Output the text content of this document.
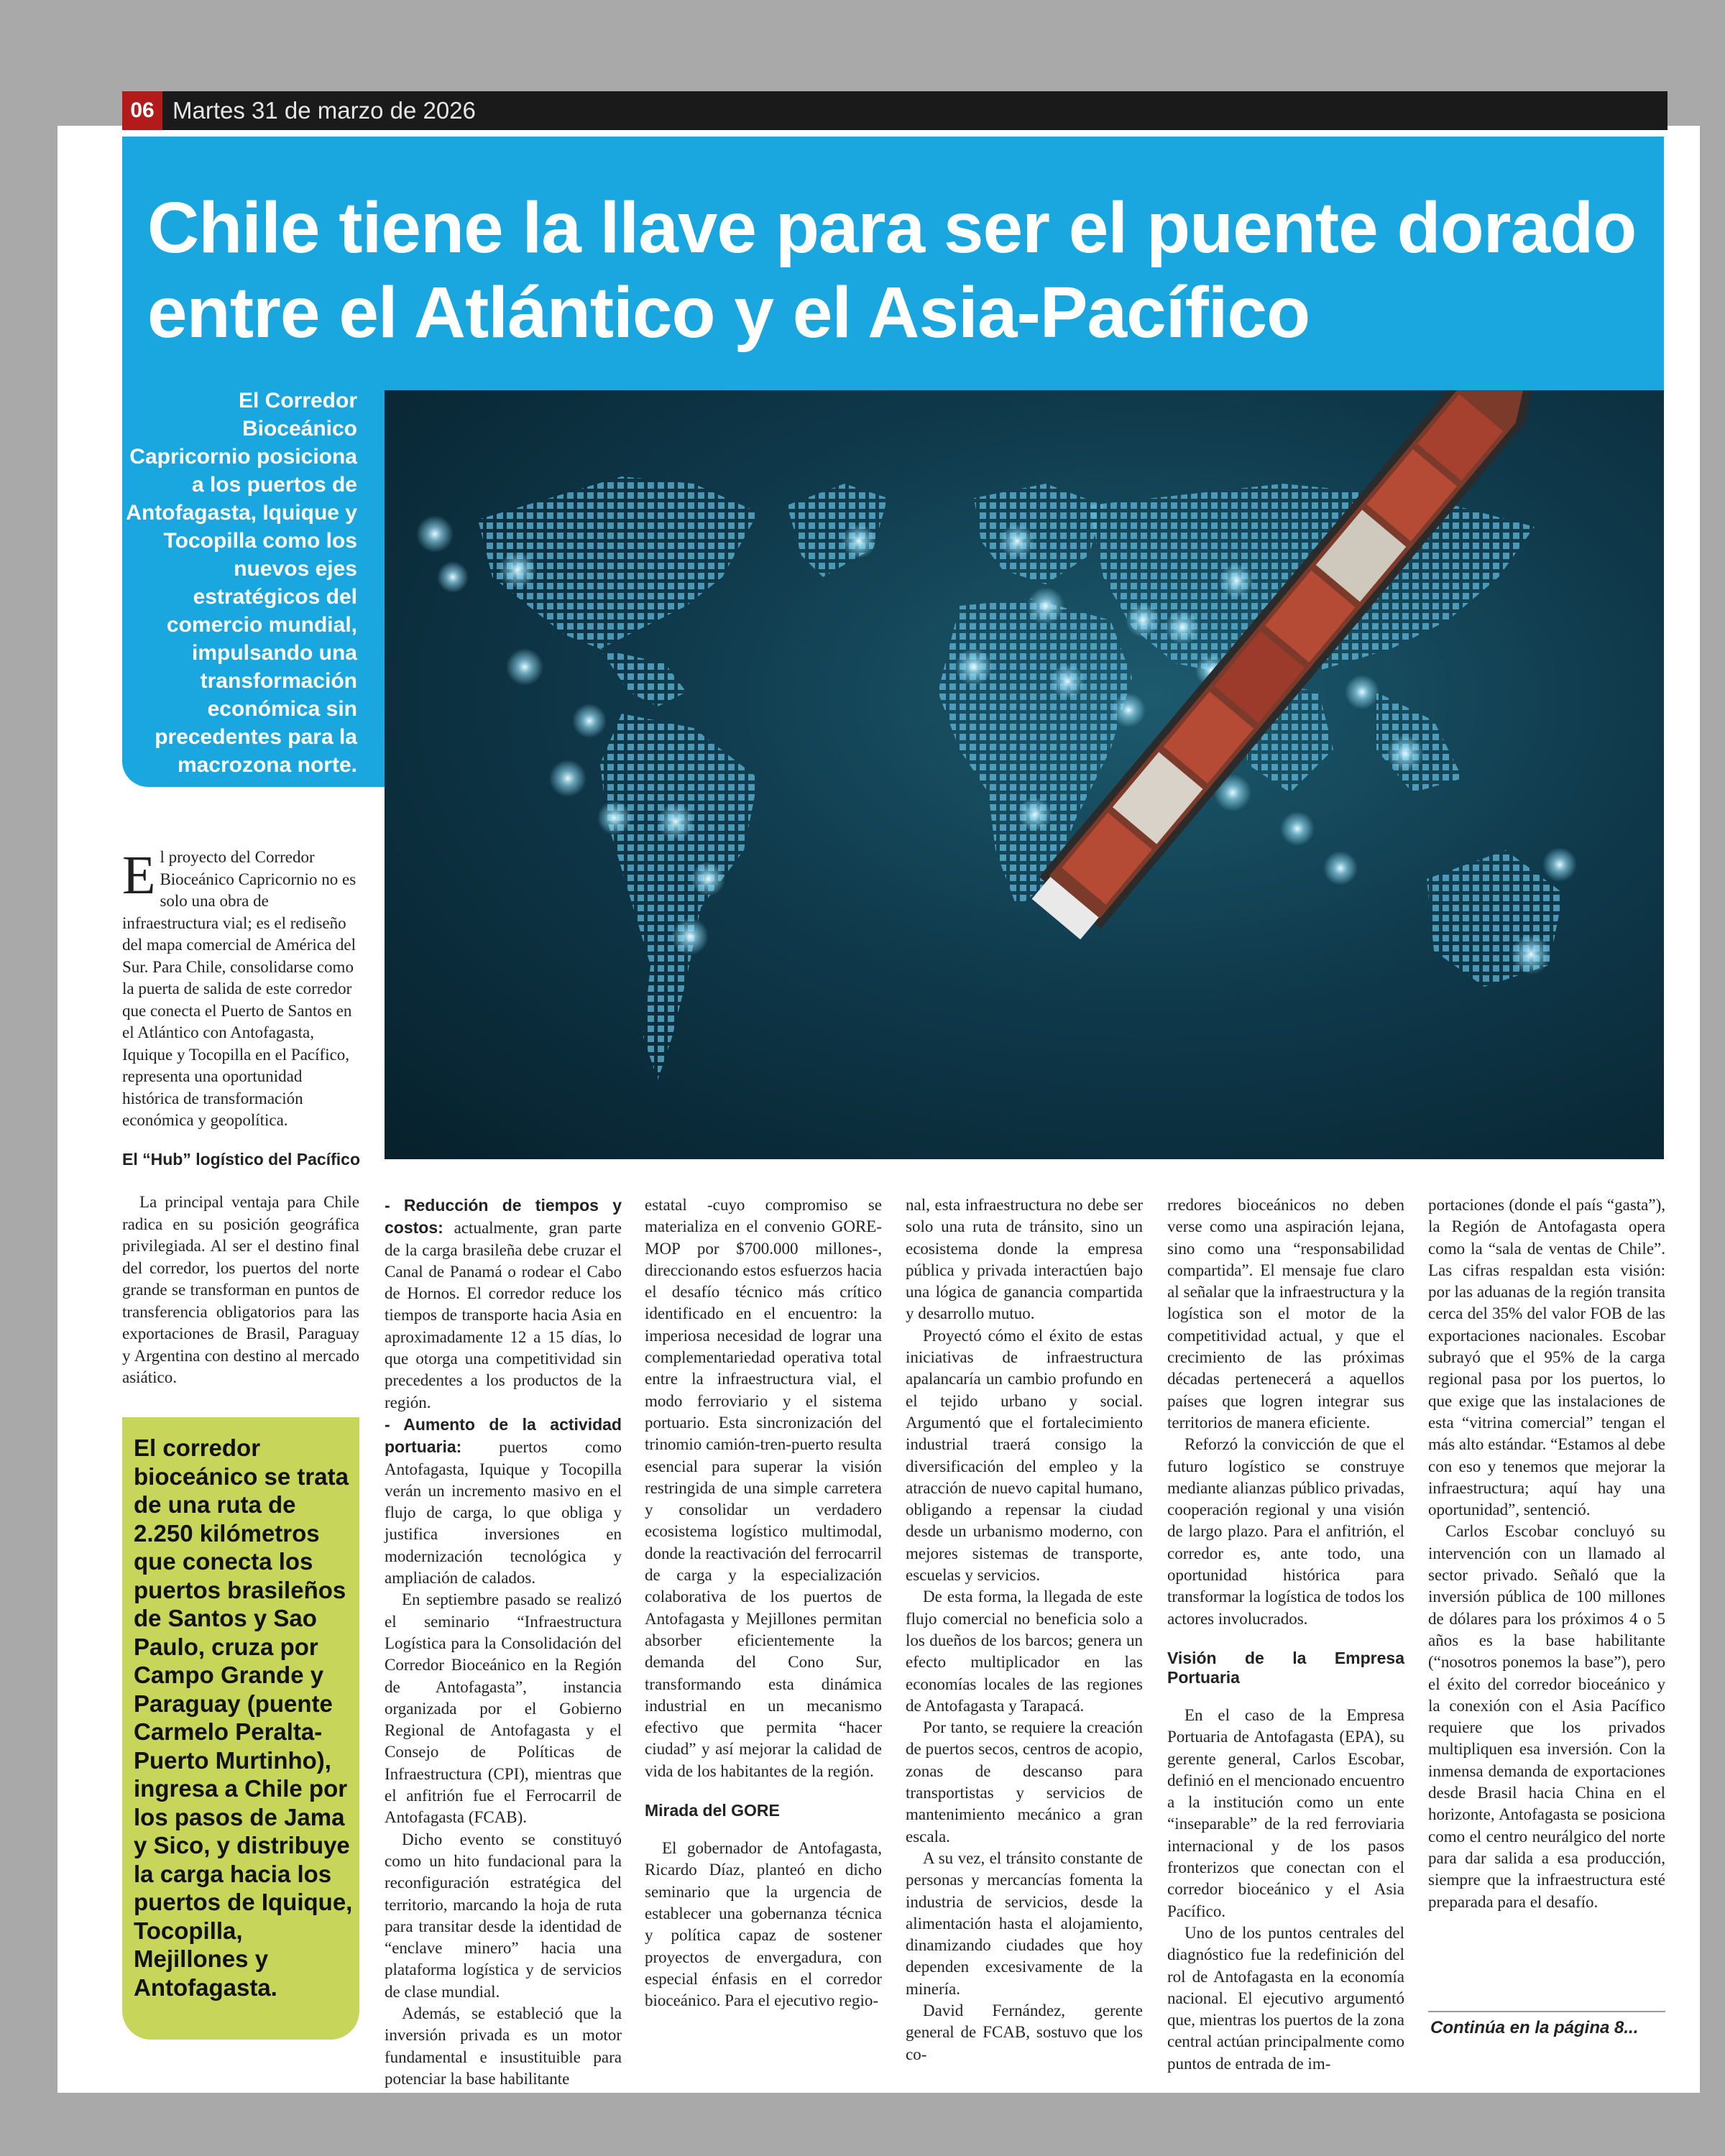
06 Martes 31 de marzo de 2026
Chile tiene la llave para ser el puente dorado entre el Atlántico y el Asia-Pacífico

El Corredor Bioceánico Capricornio posiciona a los puertos de Antofagasta, Iquique y Tocopilla como los nuevos ejes estratégicos del comercio mundial, impulsando una transformación económica sin precedentes para la macrozona norte.

El proyecto del Corredor Bioceánico Capricornio no es solo una obra de infraestructura vial; es el rediseño del mapa comercial de América del Sur. Para Chile, consolidarse como la puerta de salida de este corredor que conecta el Puerto de Santos en el Atlántico con Antofagasta, Iquique y Tocopilla en el Pacífico, representa una oportunidad histórica de transformación económica y geopolítica.
El “Hub” logístico del Pacífico
La principal ventaja para Chile radica en su posición geográfica privilegiada. Al ser el destino final del corredor, los puertos del norte grande se transforman en puntos de transferencia obligatorios para las exportaciones de Brasil, Paraguay y Argentina con destino al mercado asiático.

El corredor bioceánico se trata de una ruta de 2.250 kilómetros que conecta los puertos brasileños de Santos y Sao Paulo, cruza por Campo Grande y Paraguay (puente Carmelo Peralta-Puerto Murtinho), ingresa a Chile por los pasos de Jama y Sico, y distribuye la carga hacia los puertos de Iquique, Tocopilla, Mejillones y Antofagasta.

- Reducción de tiempos y costos: actualmente, gran parte de la carga brasileña debe cruzar el Canal de Panamá o rodear el Cabo de Hornos. El corredor reduce los tiempos de transporte hacia Asia en aproximadamente 12 a 15 días, lo que otorga una competitividad sin precedentes a los productos de la región.

- Aumento de la actividad portuaria: puertos como Antofagasta, Iquique y Tocopilla verán un incremento masivo en el flujo de carga, lo que obliga y justifica inversiones en modernización tecnológica y ampliación de calados.

En septiembre pasado se realizó el seminario “Infraestructura Logística para la Consolidación del Corredor Bioceánico en la Región de Antofagasta”, instancia organizada por el Gobierno Regional de Antofagasta y el Consejo de Políticas de Infraestructura (CPI), mientras que el anfitrión fue el Ferrocarril de Antofagasta (FCAB).

Dicho evento se constituyó como un hito fundacional para la reconfiguración estratégica del territorio, marcando la hoja de ruta para transitar desde la identidad de “enclave minero” hacia una plataforma logística y de servicios de clase mundial.

Además, se estableció que la inversión privada es un motor fundamental e insustituible para potenciar la base habilitante

estatal -cuyo compromiso se materializa en el convenio GORE-MOP por $700.000 millones-, direccionando estos esfuerzos hacia el desafío técnico más crítico identificado en el encuentro: la imperiosa necesidad de lograr una complementariedad operativa total entre la infraestructura vial, el modo ferroviario y el sistema portuario. Esta sincronización del trinomio camión-tren-puerto resulta esencial para superar la visión restringida de una simple carretera y consolidar un verdadero ecosistema logístico multimodal, donde la reactivación del ferrocarril de carga y la especialización colaborativa de los puertos de Antofagasta y Mejillones permitan absorber eficientemente la demanda del Cono Sur, transformando esta dinámica industrial en un mecanismo efectivo que permita “hacer ciudad” y así mejorar la calidad de vida de los habitantes de la región.

Mirada del GORE

El gobernador de Antofagasta, Ricardo Díaz, planteó en dicho seminario que la urgencia de establecer una gobernanza técnica y política capaz de sostener proyectos de envergadura, con especial énfasis en el corredor bioceánico. Para el ejecutivo regio-

nal, esta infraestructura no debe ser solo una ruta de tránsito, sino un ecosistema donde la empresa pública y privada interactúen bajo una lógica de ganancia compartida y desarrollo mutuo.

Proyectó cómo el éxito de estas iniciativas de infraestructura apalancaría un cambio profundo en el tejido urbano y social. Argumentó que el fortalecimiento industrial traerá consigo la diversificación del empleo y la atracción de nuevo capital humano, obligando a repensar la ciudad desde un urbanismo moderno, con mejores sistemas de transporte, escuelas y servicios.

De esta forma, la llegada de este flujo comercial no beneficia solo a los dueños de los barcos; genera un efecto multiplicador en las economías locales de las regiones de Antofagasta y Tarapacá.

Por tanto, se requiere la creación de puertos secos, centros de acopio, zonas de descanso para transportistas y servicios de mantenimiento mecánico a gran escala.

A su vez, el tránsito constante de personas y mercancías fomenta la industria de servicios, desde la alimentación hasta el alojamiento, dinamizando ciudades que hoy dependen excesivamente de la minería.

David Fernández, gerente general de FCAB, sostuvo que los co-

rredores bioceánicos no deben verse como una aspiración lejana, sino como una “responsabilidad compartida”. El mensaje fue claro al señalar que la infraestructura y la logística son el motor de la competitividad actual, y que el crecimiento de las próximas décadas pertenecerá a aquellos países que logren integrar sus territorios de manera eficiente.

Reforzó la convicción de que el futuro logístico se construye mediante alianzas público privadas, cooperación regional y una visión de largo plazo. Para el anfitrión, el corredor es, ante todo, una oportunidad histórica para transformar la logística de todos los actores involucrados.

Visión de la Empresa Portuaria

En el caso de la Empresa Portuaria de Antofagasta (EPA), su gerente general, Carlos Escobar, definió en el mencionado encuentro a la institución como un ente “inseparable” de la red ferroviaria internacional y de los pasos fronterizos que conectan con el corredor bioceánico y el Asia Pacífico.

Uno de los puntos centrales del diagnóstico fue la redefinición del rol de Antofagasta en la economía nacional. El ejecutivo argumentó que, mientras los puertos de la zona central actúan principalmente como puntos de entrada de im-

portaciones (donde el país “gasta”), la Región de Antofagasta opera como la “sala de ventas de Chile”. Las cifras respaldan esta visión: por las aduanas de la región transita cerca del 35% del valor FOB de las exportaciones nacionales. Escobar subrayó que el 95% de la carga regional pasa por los puertos, lo que exige que las instalaciones de esta “vitrina comercial” tengan el más alto estándar. “Estamos al debe con eso y tenemos que mejorar la infraestructura; aquí hay una oportunidad”, sentenció.

Carlos Escobar concluyó su intervención con un llamado al sector privado. Señaló que la inversión pública de 100 millones de dólares para los próximos 4 o 5 años es la base habilitante (“nosotros ponemos la base”), pero el éxito del corredor bioceánico y la conexión con el Asia Pacífico requiere que los privados multipliquen esa inversión. Con la inmensa demanda de exportaciones desde Brasil hacia China en el horizonte, Antofagasta se posiciona como el centro neurálgico del norte para dar salida a esa producción, siempre que la infraestructura esté preparada para el desafío.

Continúa en la página 8...
